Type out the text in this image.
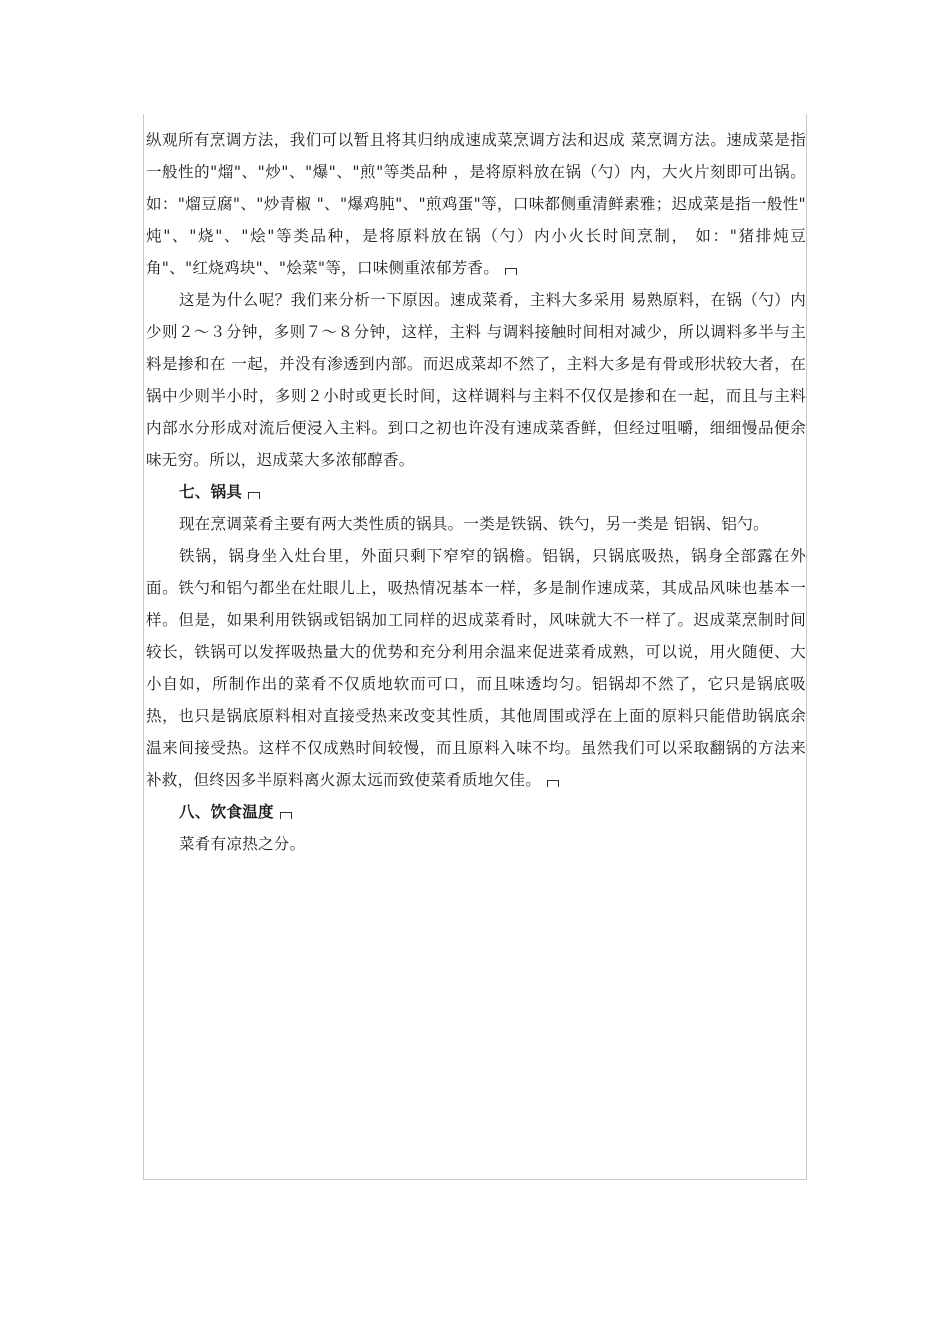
纵观所有烹调方法，我们可以暂且将其归纳成速成菜烹调方法和迟成 菜烹调方法。速成菜是指一般性的"熘"、"炒"、"爆"、"煎"等类品种 ，是将原料放在锅（勺）内，大火片刻即可出锅。如："熘豆腐"、"炒青椒 "、"爆鸡肫"、"煎鸡蛋"等，口味都侧重清鲜素雅；迟成菜是指一般性" 炖"、"烧"、"烩"等类品种，是将原料放在锅（勺）内小火长时间烹制， 如："猪排炖豆角"、"红烧鸡块"、"烩菜"等，口味侧重浓郁芳香。

这是为什么呢？我们来分析一下原因。速成菜肴，主料大多采用 易熟原料，在锅（勺）内少则２～３分钟，多则７～８分钟，这样，主料 与调料接触时间相对减少，所以调料多半与主料是掺和在 一起，并没有渗透到内部。而迟成菜却不然了，主料大多是有骨或形状较大者，在锅中少则半小时，多则２小时或更长时间，这样调料与主料不仅仅是掺和在一起，而且与主料内部水分形成对流后便浸入主料。到口之初也许没有速成菜香鲜，但经过咀嚼，细细慢品便余味无穷。所以，迟成菜大多浓郁醇香。

七、锅具

现在烹调菜肴主要有两大类性质的锅具。一类是铁锅、铁勺，另一类是 铝锅、铝勺。

铁锅，锅身坐入灶台里，外面只剩下窄窄的锅檐。铝锅，只锅底吸热，锅身全部露在外面。铁勺和铝勺都坐在灶眼儿上，吸热情况基本一样，多是制作速成菜，其成品风味也基本一样。但是，如果利用铁锅或铝锅加工同样的迟成菜肴时，风味就大不一样了。迟成菜烹制时间较长，铁锅可以发挥吸热量大的优势和充分利用余温来促进菜肴成熟，可以说，用火随便、大小自如，所制作出的菜肴不仅质地软而可口，而且味透均匀。铝锅却不然了，它只是锅底吸热，也只是锅底原料相对直接受热来改变其性质，其他周围或浮在上面的原料只能借助锅底余温来间接受热。这样不仅成熟时间较慢，而且原料入味不均。虽然我们可以采取翻锅的方法来补救，但终因多半原料离火源太远而致使菜肴质地欠佳。

八、饮食温度

菜肴有凉热之分。
